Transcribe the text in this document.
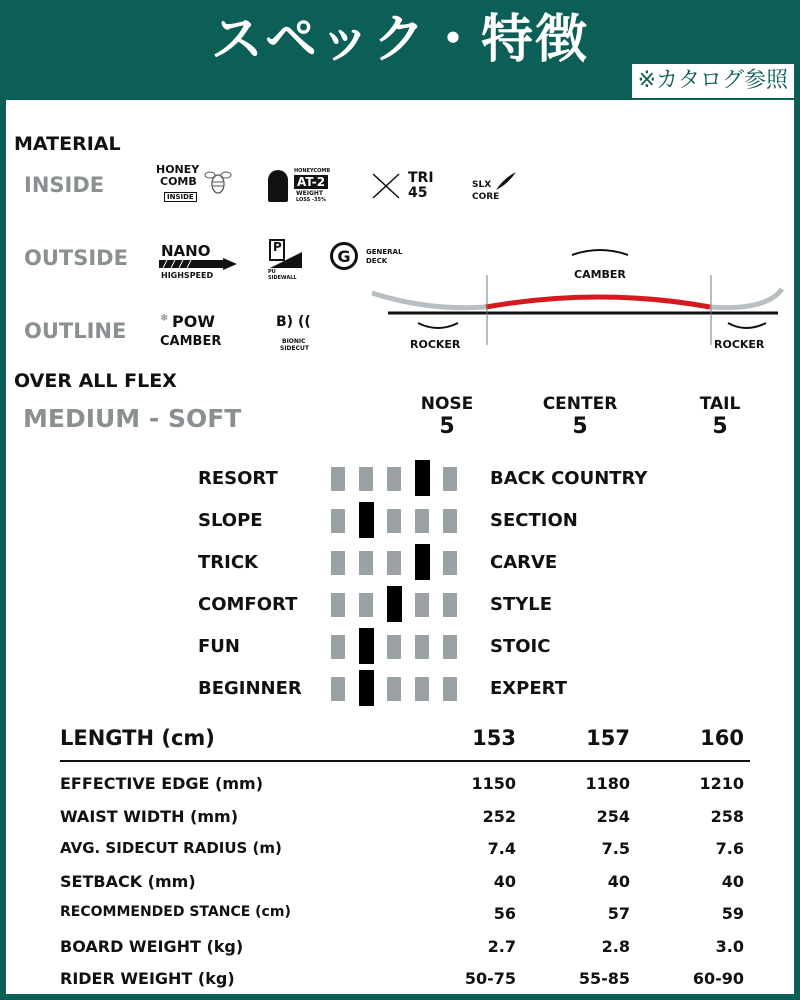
スペック・特徴
※カタログ参照
MATERIAL
INSIDE
OUTSIDE
OUTLINE
HONEY
COMB
INSIDE
HONEYCOMB
AT-2
WEIGHT
LOSS -35%
TRI
45	SLX
CORE
NANO
HIGHSPEED
P
PU
SIDEWALL
G	GENERAL
DECK
POW
❄
CAMBER
B) ((
BIONIC
SIDECUT
CAMBER
ROCKER	ROCKER
OVER ALL FLEX
MEDIUM - SOFT	NOSE
5
CENTER
5
TAIL
5
RESORT	BACK COUNTRY
SLOPE	SECTION
TRICK	CARVE
COMFORT	STYLE
FUN	STOIC
BEGINNER	EXPERT
LENGTH (cm)	153	157	160
EFFECTIVE EDGE (mm)	1150	1180	1210
WAIST WIDTH (mm)	252	254	258
AVG. SIDECUT RADIUS (m)	7.4	7.5	7.6
SETBACK (mm)	40	40	40
RECOMMENDED STANCE (cm)	56	57	59
BOARD WEIGHT (kg)	2.7	2.8	3.0
RIDER WEIGHT (kg)	50-75	55-85	60-90
